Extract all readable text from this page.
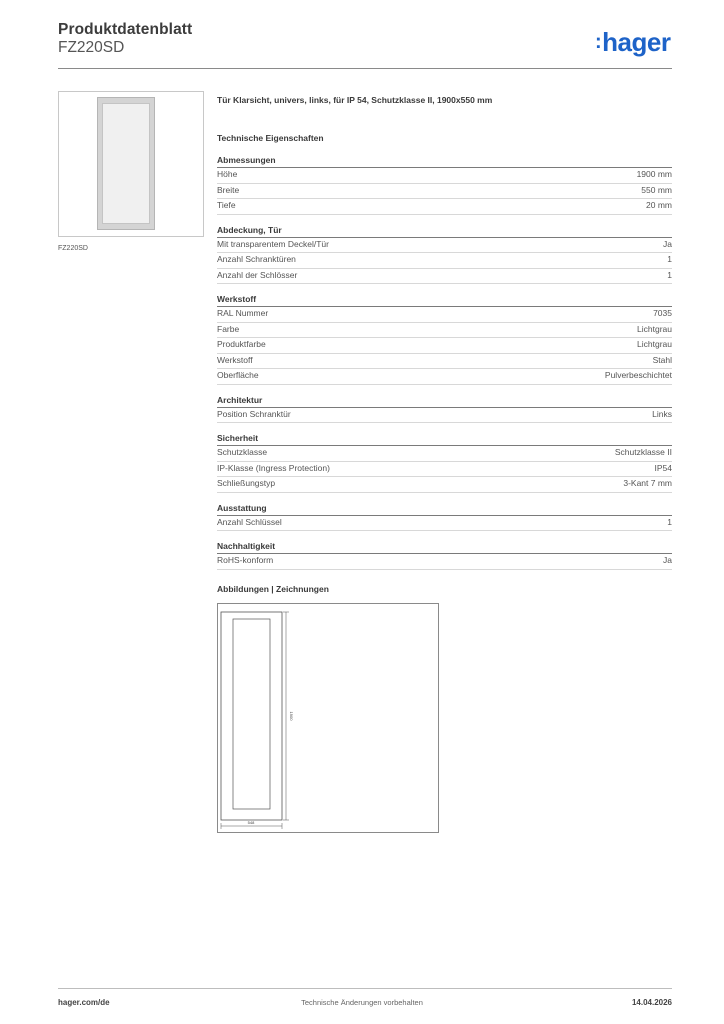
Produktdatenblatt
FZ220SD	:hager
FZ220SD
Tür Klarsicht, univers, links, für IP 54, Schutzklasse II, 1900x550 mm
Technische Eigenschaften
Abmessungen
Höhe	1900 mm
Breite	550 mm
Tiefe	20 mm
Abdeckung, Tür
Mit transparentem Deckel/Tür	Ja
Anzahl Schranktüren	1
Anzahl der Schlösser	1
Werkstoff
RAL Nummer	7035
Farbe	Lichtgrau
Produktfarbe	Lichtgrau
Werkstoff	Stahl
Oberfläche	Pulverbeschichtet
Architektur
Position Schranktür	Links
Sicherheit
Schutzklasse	Schutzklasse II
IP-Klasse (Ingress Protection)	IP54
Schließungstyp	3-Kant 7 mm
Ausstattung
Anzahl Schlüssel	1
Nachhaltigkeit
RoHS-konform	Ja
Abbildungen | Zeichnungen
1900
548
hager.com/de	Technische Änderungen vorbehalten	14.04.2026
